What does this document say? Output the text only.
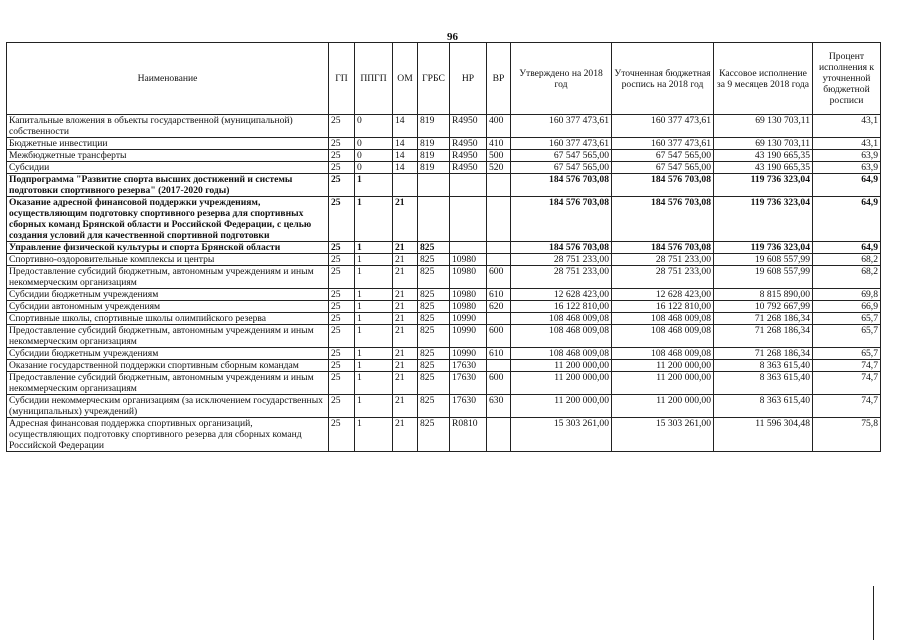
96
Наименование	ГП	ППГП	ОМ	ГРБС	НР	ВР	Утверждено на 2018 год	Уточненная бюджетная роспись на 2018 год	Кассовое исполнение за 9 месяцев 2018 года	Процент исполнения к уточненной бюджетной росписи
Капитальные вложения в объекты государственной (муниципальной) собственности	25	0	14	819	R4950	400	160 377 473,61	160 377 473,61	69 130 703,11	43,1
Бюджетные инвестиции	25	0	14	819	R4950	410	160 377 473,61	160 377 473,61	69 130 703,11	43,1
Межбюджетные трансферты	25	0	14	819	R4950	500	67 547 565,00	67 547 565,00	43 190 665,35	63,9
Субсидии	25	0	14	819	R4950	520	67 547 565,00	67 547 565,00	43 190 665,35	63,9
Подпрограмма "Развитие спорта высших достижений и системы подготовки спортивного резерва" (2017-2020 годы)	25	1					184 576 703,08	184 576 703,08	119 736 323,04	64,9
Оказание адресной финансовой поддержки учреждениям, осуществляющим подготовку спортивного резерва для спортивных сборных команд Брянской области и Российской Федерации, с целью создания условий для качественной спортивной подготовки	25	1	21				184 576 703,08	184 576 703,08	119 736 323,04	64,9
Управление физической культуры и спорта Брянской области	25	1	21	825			184 576 703,08	184 576 703,08	119 736 323,04	64,9
Спортивно-оздоровительные комплексы и центры	25	1	21	825	10980		28 751 233,00	28 751 233,00	19 608 557,99	68,2
Предоставление субсидий бюджетным, автономным учреждениям и иным некоммерческим организациям	25	1	21	825	10980	600	28 751 233,00	28 751 233,00	19 608 557,99	68,2
Субсидии бюджетным учреждениям	25	1	21	825	10980	610	12 628 423,00	12 628 423,00	8 815 890,00	69,8
Субсидии автономным учреждениям	25	1	21	825	10980	620	16 122 810,00	16 122 810,00	10 792 667,99	66,9
Спортивные школы, спортивные школы олимпийского резерва	25	1	21	825	10990		108 468 009,08	108 468 009,08	71 268 186,34	65,7
Предоставление субсидий бюджетным, автономным учреждениям и иным некоммерческим организациям	25	1	21	825	10990	600	108 468 009,08	108 468 009,08	71 268 186,34	65,7
Субсидии бюджетным учреждениям	25	1	21	825	10990	610	108 468 009,08	108 468 009,08	71 268 186,34	65,7
Оказание государственной поддержки спортивным сборным командам	25	1	21	825	17630		11 200 000,00	11 200 000,00	8 363 615,40	74,7
Предоставление субсидий бюджетным, автономным учреждениям и иным некоммерческим организациям	25	1	21	825	17630	600	11 200 000,00	11 200 000,00	8 363 615,40	74,7
Субсидии некоммерческим организациям (за исключением государственных (муниципальных) учреждений)	25	1	21	825	17630	630	11 200 000,00	11 200 000,00	8 363 615,40	74,7
Адресная финансовая поддержка спортивных организаций, осуществляющих подготовку спортивного резерва для сборных команд Российской Федерации	25	1	21	825	R0810		15 303 261,00	15 303 261,00	11 596 304,48	75,8
